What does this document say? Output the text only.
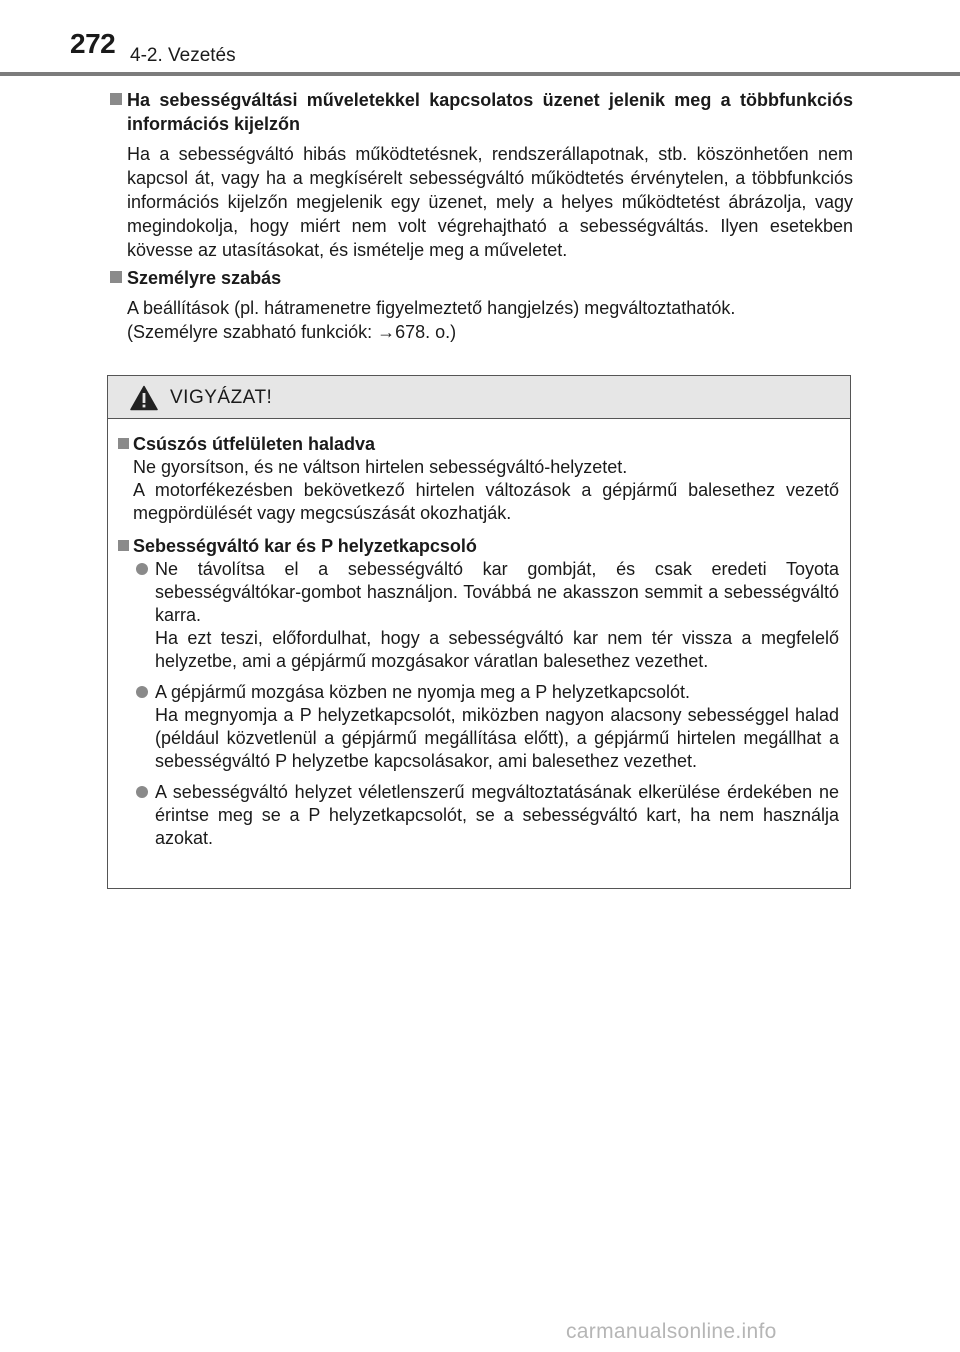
272 4-2. Vezetés
Ha sebességváltási műveletekkel kapcsolatos üzenet jelenik meg a többfunkciós információs kijelzőn

Ha a sebességváltó hibás működtetésnek, rendszerállapotnak, stb. köszönhetően nem kapcsol át, vagy ha a megkísérelt sebességváltó működtetés érvénytelen, a többfunkciós információs kijelzőn megjelenik egy üzenet, mely a helyes működtetést ábrázolja, vagy megindokolja, hogy miért nem volt végrehajtható a sebességváltás. Ilyen esetekben kövesse az utasításokat, és ismételje meg a műveletet.

Személyre szabás

A beállítások (pl. hátramenetre figyelmeztető hangjelzés) megváltoztathatók.

(Személyre szabható funkciók: →678. o.)

VIGYÁZAT!
Csúszós útfelületen haladva

Ne gyorsítson, és ne váltson hirtelen sebességváltó-helyzetet.

A motorfékezésben bekövetkező hirtelen változások a gépjármű balesethez vezető megpördülését vagy megcsúszását okozhatják.

Sebességváltó kar és P helyzetkapcsoló

Ne távolítsa el a sebességváltó kar gombját, és csak eredeti Toyota sebességváltókar-gombot használjon. Továbbá ne akasszon semmit a sebességváltó karra.

Ha ezt teszi, előfordulhat, hogy a sebességváltó kar nem tér vissza a megfelelő helyzetbe, ami a gépjármű mozgásakor váratlan balesethez vezethet.

A gépjármű mozgása közben ne nyomja meg a P helyzetkapcsolót.

Ha megnyomja a P helyzetkapcsolót, miközben nagyon alacsony sebességgel halad (például közvetlenül a gépjármű megállítása előtt), a gépjármű hirtelen megállhat a sebességváltó P helyzetbe kapcsolásakor, ami balesethez vezethet.

A sebességváltó helyzet véletlenszerű megváltoztatásának elkerülése érdekében ne érintse meg se a P helyzetkapcsolót, se a sebességváltó kart, ha nem használja azokat.

carmanualsonline.info
